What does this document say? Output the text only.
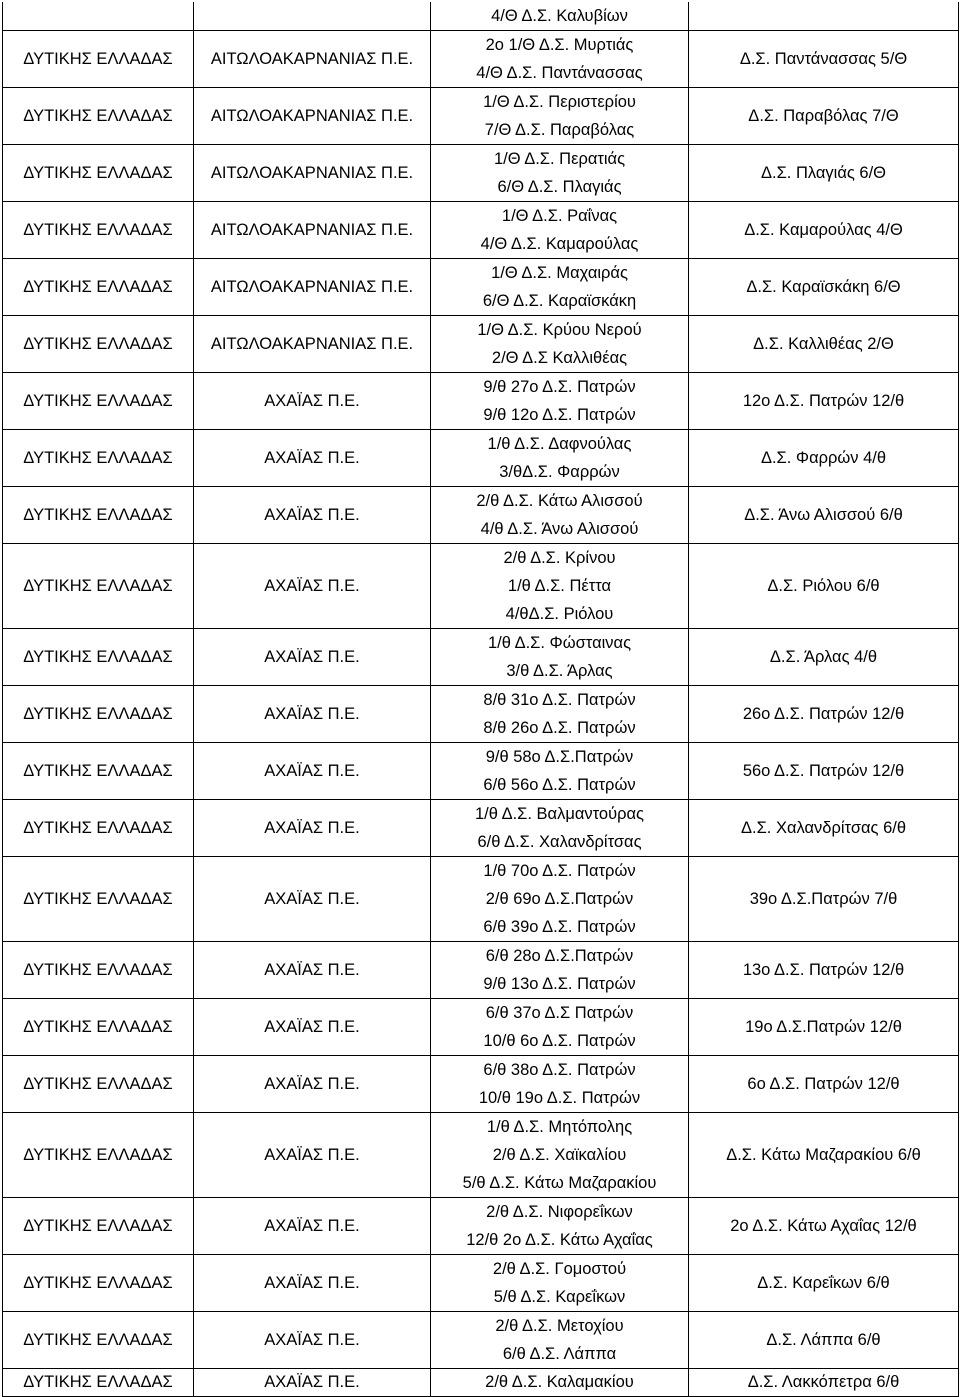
		4/Θ Δ.Σ. Καλυβίων	
ΔΥΤΙΚΗΣ ΕΛΛΑΔΑΣ	ΑΙΤΩΛΟΑΚΑΡΝΑΝΙΑΣ Π.Ε.	2ο 1/Θ Δ.Σ. Μυρτιάς
4/Θ Δ.Σ. Παντάνασσας	Δ.Σ. Παντάνασσας 5/Θ
ΔΥΤΙΚΗΣ ΕΛΛΑΔΑΣ	ΑΙΤΩΛΟΑΚΑΡΝΑΝΙΑΣ Π.Ε.	1/Θ Δ.Σ. Περιστερίου
7/Θ Δ.Σ. Παραβόλας	Δ.Σ. Παραβόλας 7/Θ
ΔΥΤΙΚΗΣ ΕΛΛΑΔΑΣ	ΑΙΤΩΛΟΑΚΑΡΝΑΝΙΑΣ Π.Ε.	1/Θ Δ.Σ. Περατιάς
6/Θ Δ.Σ. Πλαγιάς	Δ.Σ. Πλαγιάς 6/Θ
ΔΥΤΙΚΗΣ ΕΛΛΑΔΑΣ	ΑΙΤΩΛΟΑΚΑΡΝΑΝΙΑΣ Π.Ε.	1/Θ Δ.Σ. Ραΐνας
4/Θ Δ.Σ. Καμαρούλας	Δ.Σ. Καμαρούλας 4/Θ
ΔΥΤΙΚΗΣ ΕΛΛΑΔΑΣ	ΑΙΤΩΛΟΑΚΑΡΝΑΝΙΑΣ Π.Ε.	1/Θ Δ.Σ. Μαχαιράς
6/Θ Δ.Σ. Καραϊσκάκη	Δ.Σ. Καραϊσκάκη 6/Θ
ΔΥΤΙΚΗΣ ΕΛΛΑΔΑΣ	ΑΙΤΩΛΟΑΚΑΡΝΑΝΙΑΣ Π.Ε.	1/Θ Δ.Σ. Κρύου Νερού
2/Θ Δ.Σ Καλλιθέας	Δ.Σ. Καλλιθέας 2/Θ
ΔΥΤΙΚΗΣ ΕΛΛΑΔΑΣ	ΑΧΑΪΑΣ Π.Ε.	9/θ 27ο Δ.Σ. Πατρών
9/θ 12ο Δ.Σ. Πατρών	12ο Δ.Σ. Πατρών 12/θ
ΔΥΤΙΚΗΣ ΕΛΛΑΔΑΣ	ΑΧΑΪΑΣ Π.Ε.	1/θ Δ.Σ. Δαφνούλας
3/θΔ.Σ. Φαρρών	Δ.Σ. Φαρρών 4/θ
ΔΥΤΙΚΗΣ ΕΛΛΑΔΑΣ	ΑΧΑΪΑΣ Π.Ε.	2/θ Δ.Σ. Κάτω Αλισσού
4/θ Δ.Σ. Άνω Αλισσού	Δ.Σ. Άνω Αλισσού 6/θ
ΔΥΤΙΚΗΣ ΕΛΛΑΔΑΣ	ΑΧΑΪΑΣ Π.Ε.	2/θ Δ.Σ. Κρίνου
1/θ Δ.Σ. Πέττα
4/θΔ.Σ. Ριόλου	Δ.Σ. Ριόλου 6/θ
ΔΥΤΙΚΗΣ ΕΛΛΑΔΑΣ	ΑΧΑΪΑΣ Π.Ε.	1/θ Δ.Σ. Φώσταινας
3/θ Δ.Σ. Άρλας	Δ.Σ. Άρλας 4/θ
ΔΥΤΙΚΗΣ ΕΛΛΑΔΑΣ	ΑΧΑΪΑΣ Π.Ε.	8/θ 31ο Δ.Σ. Πατρών
8/θ 26ο Δ.Σ. Πατρών	26ο Δ.Σ. Πατρών 12/θ
ΔΥΤΙΚΗΣ ΕΛΛΑΔΑΣ	ΑΧΑΪΑΣ Π.Ε.	9/θ 58ο Δ.Σ.Πατρών
6/θ 56ο Δ.Σ. Πατρών	56ο Δ.Σ. Πατρών 12/θ
ΔΥΤΙΚΗΣ ΕΛΛΑΔΑΣ	ΑΧΑΪΑΣ Π.Ε.	1/θ Δ.Σ. Βαλμαντούρας
6/θ Δ.Σ. Χαλανδρίτσας	Δ.Σ. Χαλανδρίτσας 6/θ
ΔΥΤΙΚΗΣ ΕΛΛΑΔΑΣ	ΑΧΑΪΑΣ Π.Ε.	1/θ 70ο Δ.Σ. Πατρών
2/θ 69ο Δ.Σ.Πατρών
6/θ 39ο Δ.Σ. Πατρών	39ο Δ.Σ.Πατρών 7/θ
ΔΥΤΙΚΗΣ ΕΛΛΑΔΑΣ	ΑΧΑΪΑΣ Π.Ε.	6/θ 28ο Δ.Σ.Πατρών
9/θ 13ο Δ.Σ. Πατρών	13ο Δ.Σ. Πατρών 12/θ
ΔΥΤΙΚΗΣ ΕΛΛΑΔΑΣ	ΑΧΑΪΑΣ Π.Ε.	6/θ 37ο Δ.Σ Πατρών
10/θ 6ο Δ.Σ. Πατρών	19ο Δ.Σ.Πατρών 12/θ
ΔΥΤΙΚΗΣ ΕΛΛΑΔΑΣ	ΑΧΑΪΑΣ Π.Ε.	6/θ 38ο Δ.Σ. Πατρών
10/θ 19ο Δ.Σ. Πατρών	6ο Δ.Σ. Πατρών 12/θ
ΔΥΤΙΚΗΣ ΕΛΛΑΔΑΣ	ΑΧΑΪΑΣ Π.Ε.	1/θ Δ.Σ. Μητόπολης
2/θ Δ.Σ. Χαϊκαλίου
5/θ Δ.Σ. Κάτω Μαζαρακίου	Δ.Σ. Κάτω Μαζαρακίου 6/θ
ΔΥΤΙΚΗΣ ΕΛΛΑΔΑΣ	ΑΧΑΪΑΣ Π.Ε.	2/θ Δ.Σ. Νιφορεΐκων
12/θ 2ο Δ.Σ. Κάτω Αχαΐας	2ο Δ.Σ. Κάτω Αχαΐας 12/θ
ΔΥΤΙΚΗΣ ΕΛΛΑΔΑΣ	ΑΧΑΪΑΣ Π.Ε.	2/θ Δ.Σ. Γομοστού
5/θ Δ.Σ. Καρεΐκων	Δ.Σ. Καρεΐκων 6/θ
ΔΥΤΙΚΗΣ ΕΛΛΑΔΑΣ	ΑΧΑΪΑΣ Π.Ε.	2/θ Δ.Σ. Μετοχίου
6/θ Δ.Σ. Λάππα	Δ.Σ. Λάππα 6/θ
ΔΥΤΙΚΗΣ ΕΛΛΑΔΑΣ	ΑΧΑΪΑΣ Π.Ε.	2/θ Δ.Σ. Καλαμακίου	Δ.Σ. Λακκόπετρα 6/θ
